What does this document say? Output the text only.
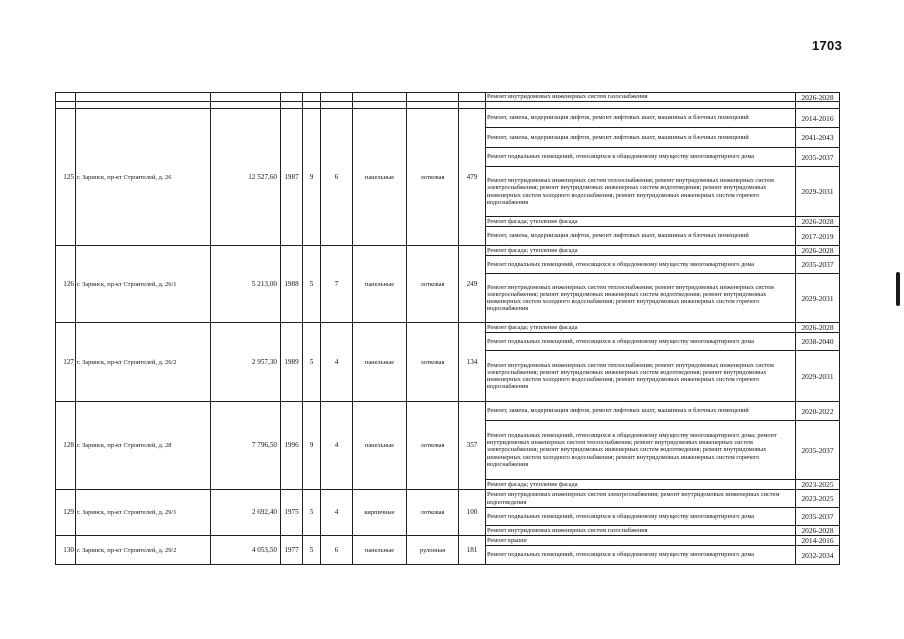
1703
									Ремонт внутридомовых инженерных систем газоснабжения	2026-2028

125	г. Заринск, пр-кт Строителей, д. 26	12 527,60	1987	9	6	панельные	лотковая	479	Ремонт, замена, модернизация лифтов, ремонт лифтовых шахт, машинных и блочных помещений	2014-2016
									Ремонт, замена, модернизация лифтов, ремонт лифтовых шахт, машинных и блочных помещений	2041-2043
									Ремонт подвальных помещений, относящихся к общедомовому имуществу многоквартирного дома	2035-2037
									Ремонт внутридомовых инженерных систем теплоснабжения; ремонт внутридомовых инженерных систем электроснабжения; ремонт внутридомовых инженерных систем водоотведения; ремонт внутридомовых инженерных систем холодного водоснабжения; ремонт внутридомовых инженерных систем горячего водоснабжения	2029-2031
									Ремонт фасада; утепление фасада	2026-2028
									Ремонт, замена, модернизация лифтов, ремонт лифтовых шахт, машинных и блочных помещений	2017-2019
126	г. Заринск, пр-кт Строителей, д. 26/1	5 213,00	1988	5	7	панельные	лотковая	249	Ремонт фасада; утепление фасада	2026-2028
									Ремонт подвальных помещений, относящихся к общедомовому имуществу многоквартирного дома	2035-2037
									Ремонт внутридомовых инженерных систем теплоснабжения; ремонт внутридомовых инженерных систем электроснабжения; ремонт внутридомовых инженерных систем водоотведения; ремонт внутридомовых инженерных систем холодного водоснабжения; ремонт внутридомовых инженерных систем горячего водоснабжения	2029-2031
127	г. Заринск, пр-кт Строителей, д. 26/2	2 957,30	1989	5	4	панельные	лотковая	134	Ремонт фасада; утепление фасада	2026-2028
									Ремонт подвальных помещений, относящихся к общедомовому имуществу многоквартирного дома	2038-2040
									Ремонт внутридомовых инженерных систем теплоснабжения; ремонт внутридомовых инженерных систем электроснабжения; ремонт внутридомовых инженерных систем водоотведения; ремонт внутридомовых инженерных систем холодного водоснабжения; ремонт внутридомовых инженерных систем горячего водоснабжения	2029-2031
128	г. Заринск, пр-кт Строителей, д. 28	7 796,50	1996	9	4	панельные	лотковая	357	Ремонт, замена, модернизация лифтов, ремонт лифтовых шахт, машинных и блочных помещений	2020-2022
									Ремонт подвальных помещений, относящихся к общедомовому имуществу многоквартирного дома; ремонт внутридомовых инженерных систем теплоснабжения; ремонт внутридомовых инженерных систем электроснабжения; ремонт внутридомовых инженерных систем водоотведения; ремонт внутридомовых инженерных систем холодного водоснабжения; ремонт внутридомовых инженерных систем горячего водоснабжения	2035-2037
									Ремонт фасада; утепление фасада	2023-2025
129	г. Заринск, пр-кт Строителей, д. 29/1	2 692,40	1975	5	4	кирпичные	лотковая	100	Ремонт внутридомовых инженерных систем электроснабжения; ремонт внутридомовых инженерных систем водоотведения	2023-2025
									Ремонт подвальных помещений, относящихся к общедомовому имуществу многоквартирного дома	2035-2037
									Ремонт внутридомовых инженерных систем газоснабжения	2026-2028
130	г. Заринск, пр-кт Строителей, д. 29/2	4 053,50	1977	5	6	панельные	рулонная	181	Ремонт крыши	2014-2016
									Ремонт подвальных помещений, относящихся к общедомовому имуществу многоквартирного дома	2032-2034
